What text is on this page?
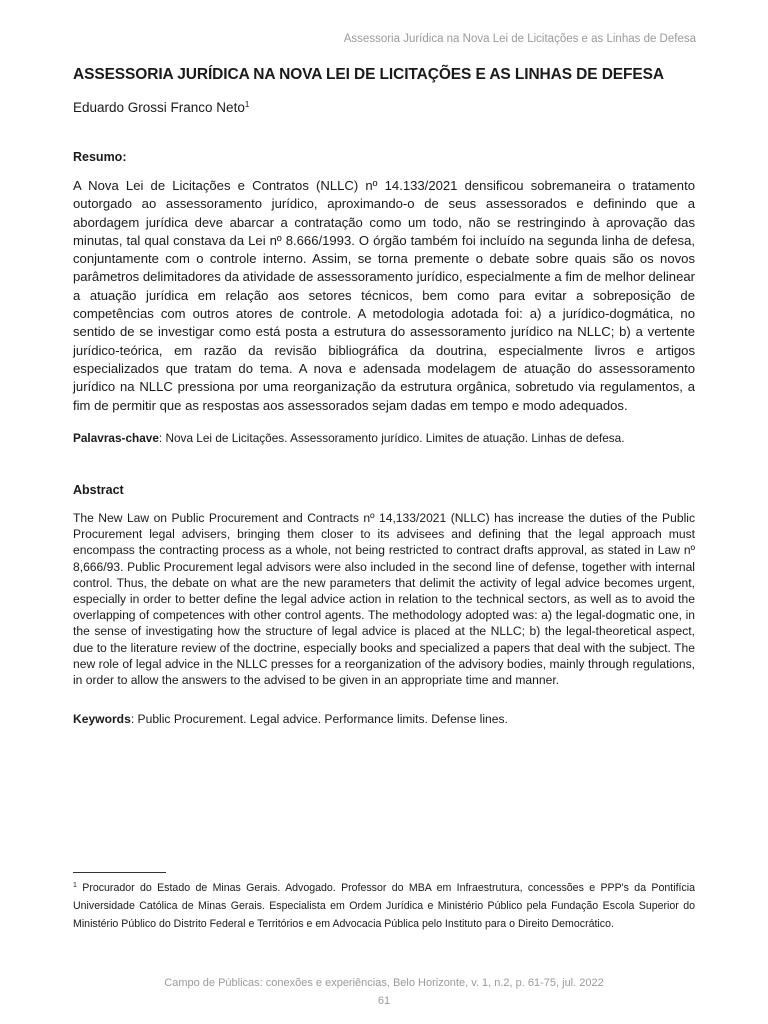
Assessoria Jurídica na Nova Lei de Licitações e as Linhas de Defesa
ASSESSORIA JURÍDICA NA NOVA LEI DE LICITAÇÕES E AS LINHAS DE DEFESA
Eduardo Grossi Franco Neto$^1$
Resumo:

A Nova Lei de Licitações e Contratos (NLLC) nº 14.133/2021 densificou sobremaneira o tratamento outorgado ao assessoramento jurídico, aproximando-o de seus assessorados e definindo que a abordagem jurídica deve abarcar a contratação como um todo, não se restringindo à aprovação das minutas, tal qual constava da Lei nº 8.666/1993. O órgão também foi incluído na segunda linha de defesa, conjuntamente com o controle interno. Assim, se torna premente o debate sobre quais são os novos parâmetros delimitadores da atividade de assessoramento jurídico, especialmente a fim de melhor delinear a atuação jurídica em relação aos setores técnicos, bem como para evitar a sobreposição de competências com outros atores de controle. A metodologia adotada foi: a) a jurídico-dogmática, no sentido de se investigar como está posta a estrutura do assessoramento jurídico na NLLC; b) a vertente jurídico-teórica, em razão da revisão bibliográfica da doutrina, especialmente livros e artigos especializados que tratam do tema. A nova e adensada modelagem de atuação do assessoramento jurídico na NLLC pressiona por uma reorganização da estrutura orgânica, sobretudo via regulamentos, a fim de permitir que as respostas aos assessorados sejam dadas em tempo e modo adequados.

Palavras-chave: Nova Lei de Licitações. Assessoramento jurídico. Limites de atuação. Linhas de defesa.
Abstract

The New Law on Public Procurement and Contracts nº 14,133/2021 (NLLC) has increase the duties of the Public Procurement legal advisers, bringing them closer to its advisees and defining that the legal approach must encompass the contracting process as a whole, not being restricted to contract drafts approval, as stated in Law nº 8,666/93. Public Procurement legal advisors were also included in the second line of defense, together with internal control. Thus, the debate on what are the new parameters that delimit the activity of legal advice becomes urgent, especially in order to better define the legal advice action in relation to the technical sectors, as well as to avoid the overlapping of competences with other control agents. The methodology adopted was: a) the legal-dogmatic one, in the sense of investigating how the structure of legal advice is placed at the NLLC; b) the legal-theoretical aspect, due to the literature review of the doctrine, especially books and specialized a papers that deal with the subject. The new role of legal advice in the NLLC presses for a reorganization of the advisory bodies, mainly through regulations, in order to allow the answers to the advised to be given in an appropriate time and manner.

Keywords: Public Procurement. Legal advice. Performance limits. Defense lines.

$^1$ Procurador do Estado de Minas Gerais. Advogado. Professor do MBA em Infraestrutura, concessões e PPP's da Pontifícia Universidade Católica de Minas Gerais. Especialista em Ordem Jurídica e Ministério Público pela Fundação Escola Superior do Ministério Público do Distrito Federal e Territórios e em Advocacia Pública pelo Instituto para o Direito Democrático.

Campo de Públicas: conexões e experiências, Belo Horizonte, v. 1, n.2, p. 61-75, jul. 2022
61
